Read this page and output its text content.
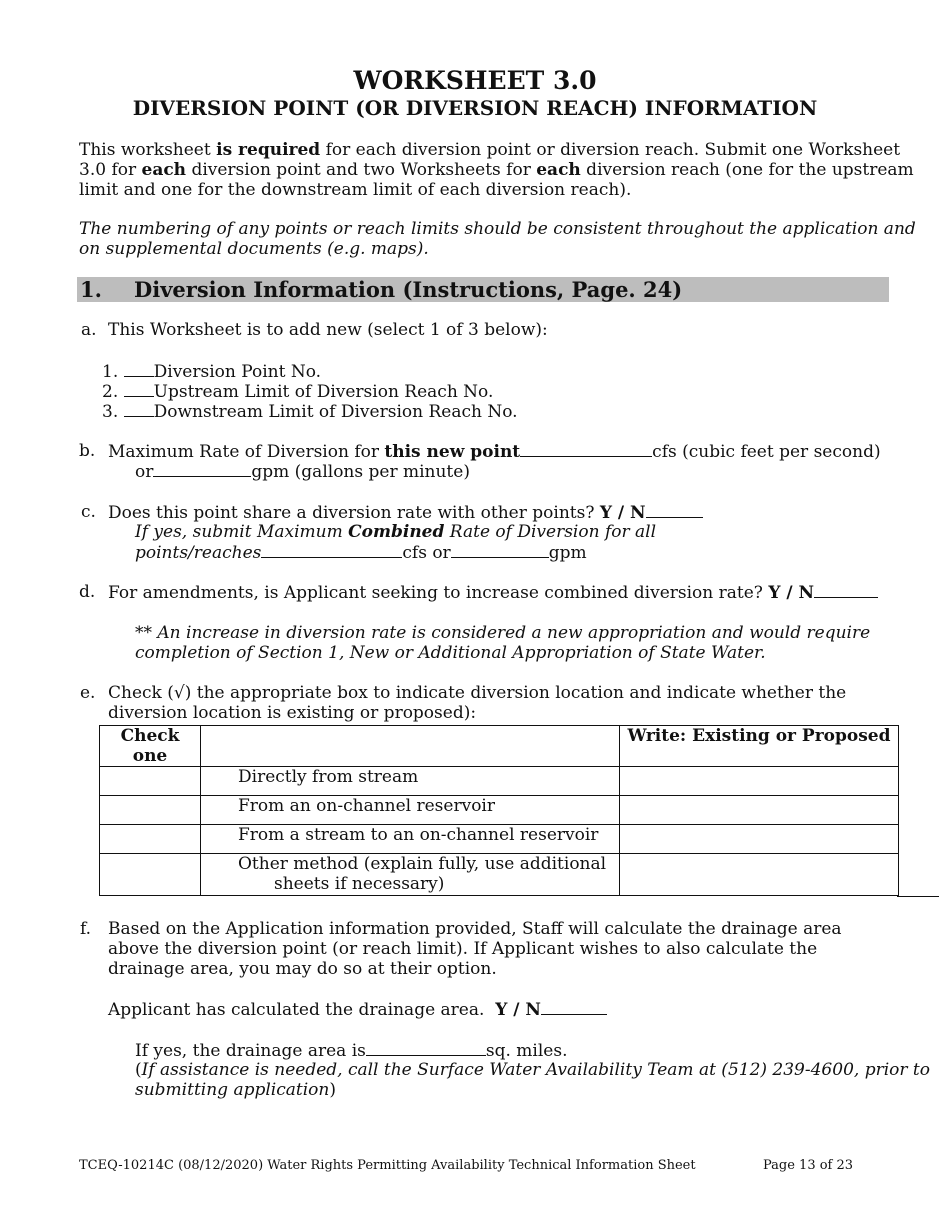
WORKSHEET 3.0
DIVERSION POINT (OR DIVERSION REACH) INFORMATION
This worksheet is required for each diversion point or diversion reach. Submit one Worksheet
3.0 for each diversion point and two Worksheets for each diversion reach (one for the upstream
limit and one for the downstream limit of each diversion reach).
The numbering of any points or reach limits should be consistent throughout the application and
on supplemental documents (e.g. maps).
1. Diversion Information (Instructions, Page. 24)
a. This Worksheet is to add new (select 1 of 3 below):
1. Diversion Point No.
2. Upstream Limit of Diversion Reach No.
3. Downstream Limit of Diversion Reach No.
b. Maximum Rate of Diversion for this new point	cfs (cubic feet per second)
or	gpm (gallons per minute)
c. Does this point share a diversion rate with other points? Y / N
If yes, submit Maximum Combined Rate of Diversion for all
points/reaches	cfs or	gpm
d. For amendments, is Applicant seeking to increase combined diversion rate? Y / N
** An increase in diversion rate is considered a new appropriation and would require
completion of Section 1, New or Additional Appropriation of State Water.
e. Check (√) the appropriate box to indicate diversion location and indicate whether the
diversion location is existing or proposed):
Check
one		Write: Existing or Proposed
	Directly from stream	
	From an on-channel reservoir	
	From a stream to an on-channel reservoir	
	Other method (explain fully, use additional
sheets if necessary)	
f. Based on the Application information provided, Staff will calculate the drainage area
above the diversion point (or reach limit). If Applicant wishes to also calculate the
drainage area, you may do so at their option.
Applicant has calculated the drainage area.  Y / N
If yes, the drainage area is	sq. miles.
(If assistance is needed, call the Surface Water Availability Team at (512) 239-4600, prior to
submitting application)
TCEQ-10214C (08/12/2020) Water Rights Permitting Availability Technical Information Sheet	Page 13 of 23
